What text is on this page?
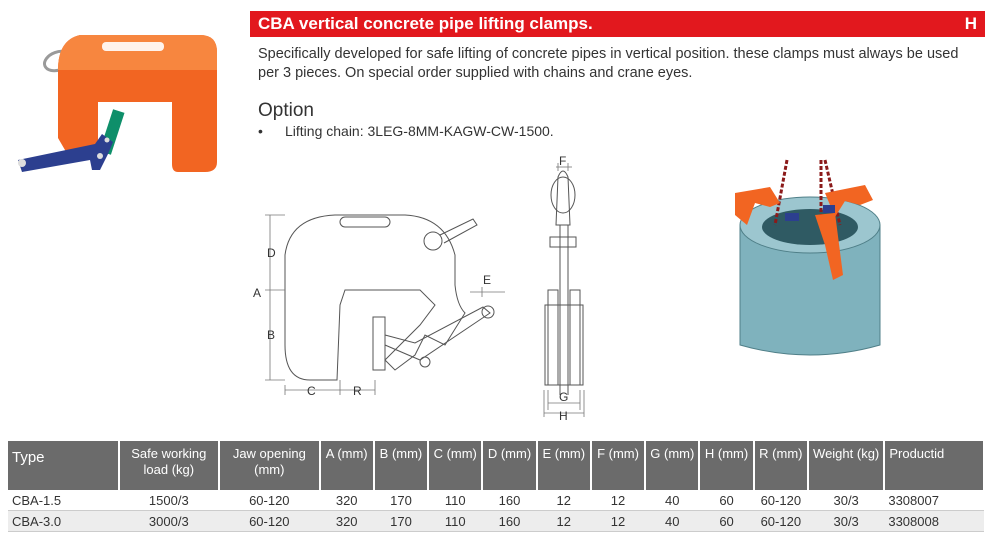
CBA vertical concrete pipe lifting clamps.	H
Specifically developed for safe lifting of concrete pipes in vertical position. these clamps must always be used per 3 pieces. On special order supplied with chains and crane eyes.
Option
• Lifting chain: 3LEG-8MM-KAGW-CW-1500.
D
A
B
C	R
E
F
G
H
Type	Safe working load (kg)	Jaw opening (mm)	A (mm)	B (mm)	C (mm)	D (mm)	E (mm)	F (mm)	G (mm)	H (mm)	R (mm)	Weight (kg)	Productid
CBA-1.5	1500/3	60-120	320	170	110	160	12	12	40	60	60-120	30/3	3308007
CBA-3.0	3000/3	60-120	320	170	110	160	12	12	40	60	60-120	30/3	3308008
